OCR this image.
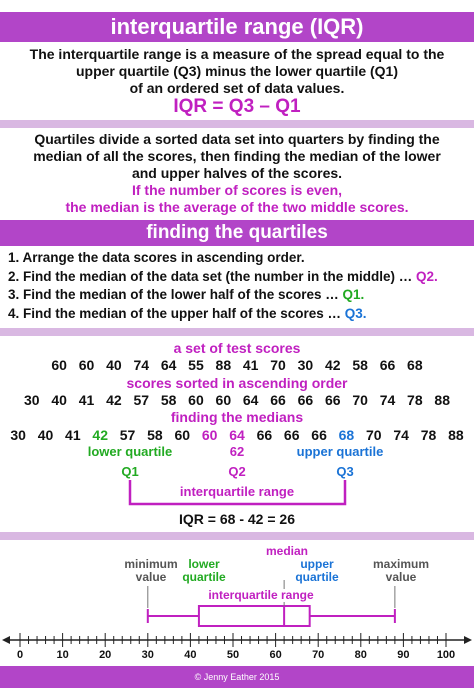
interquartile range (IQR)
The interquartile range is a measure of the spread equal to the
upper quartile (Q3) minus the lower quartile (Q1)
of an ordered set of data values.
IQR = Q3 – Q1
Quartiles divide a sorted data set into quarters by finding the
median of all the scores, then finding the median of the lower
and upper halves of the scores.
If the number of scores is even,
the median is the average of the two middle scores.
finding the quartiles
1. Arrange the data scores in ascending order.
2. Find the median of the data set (the number in the middle) … Q2.
3. Find the median of the lower half of the scores … Q1.
4. Find the median of the upper half of the scores … Q3.
a set of test scores
60 60 40 74 64 55 88 41 70 30 42 58 66 68
scores sorted in ascending order
30 40 41 42 57 58 60 60 64 66 66 66 70 74 78 88
finding the medians
30 40 41 42 57 58 60 60 64 66 66 66 68 70 74 78 88
lower quartile	62	upper quartile
Q1	Q2	Q3
interquartile range
IQR = 68 - 42 = 26
minimum
value
lower
quartile
median
upper
quartile
maximum
value
0	10	20	30	40	50	60	70	80	90 100
interquartile range
© Jenny Eather 2015
